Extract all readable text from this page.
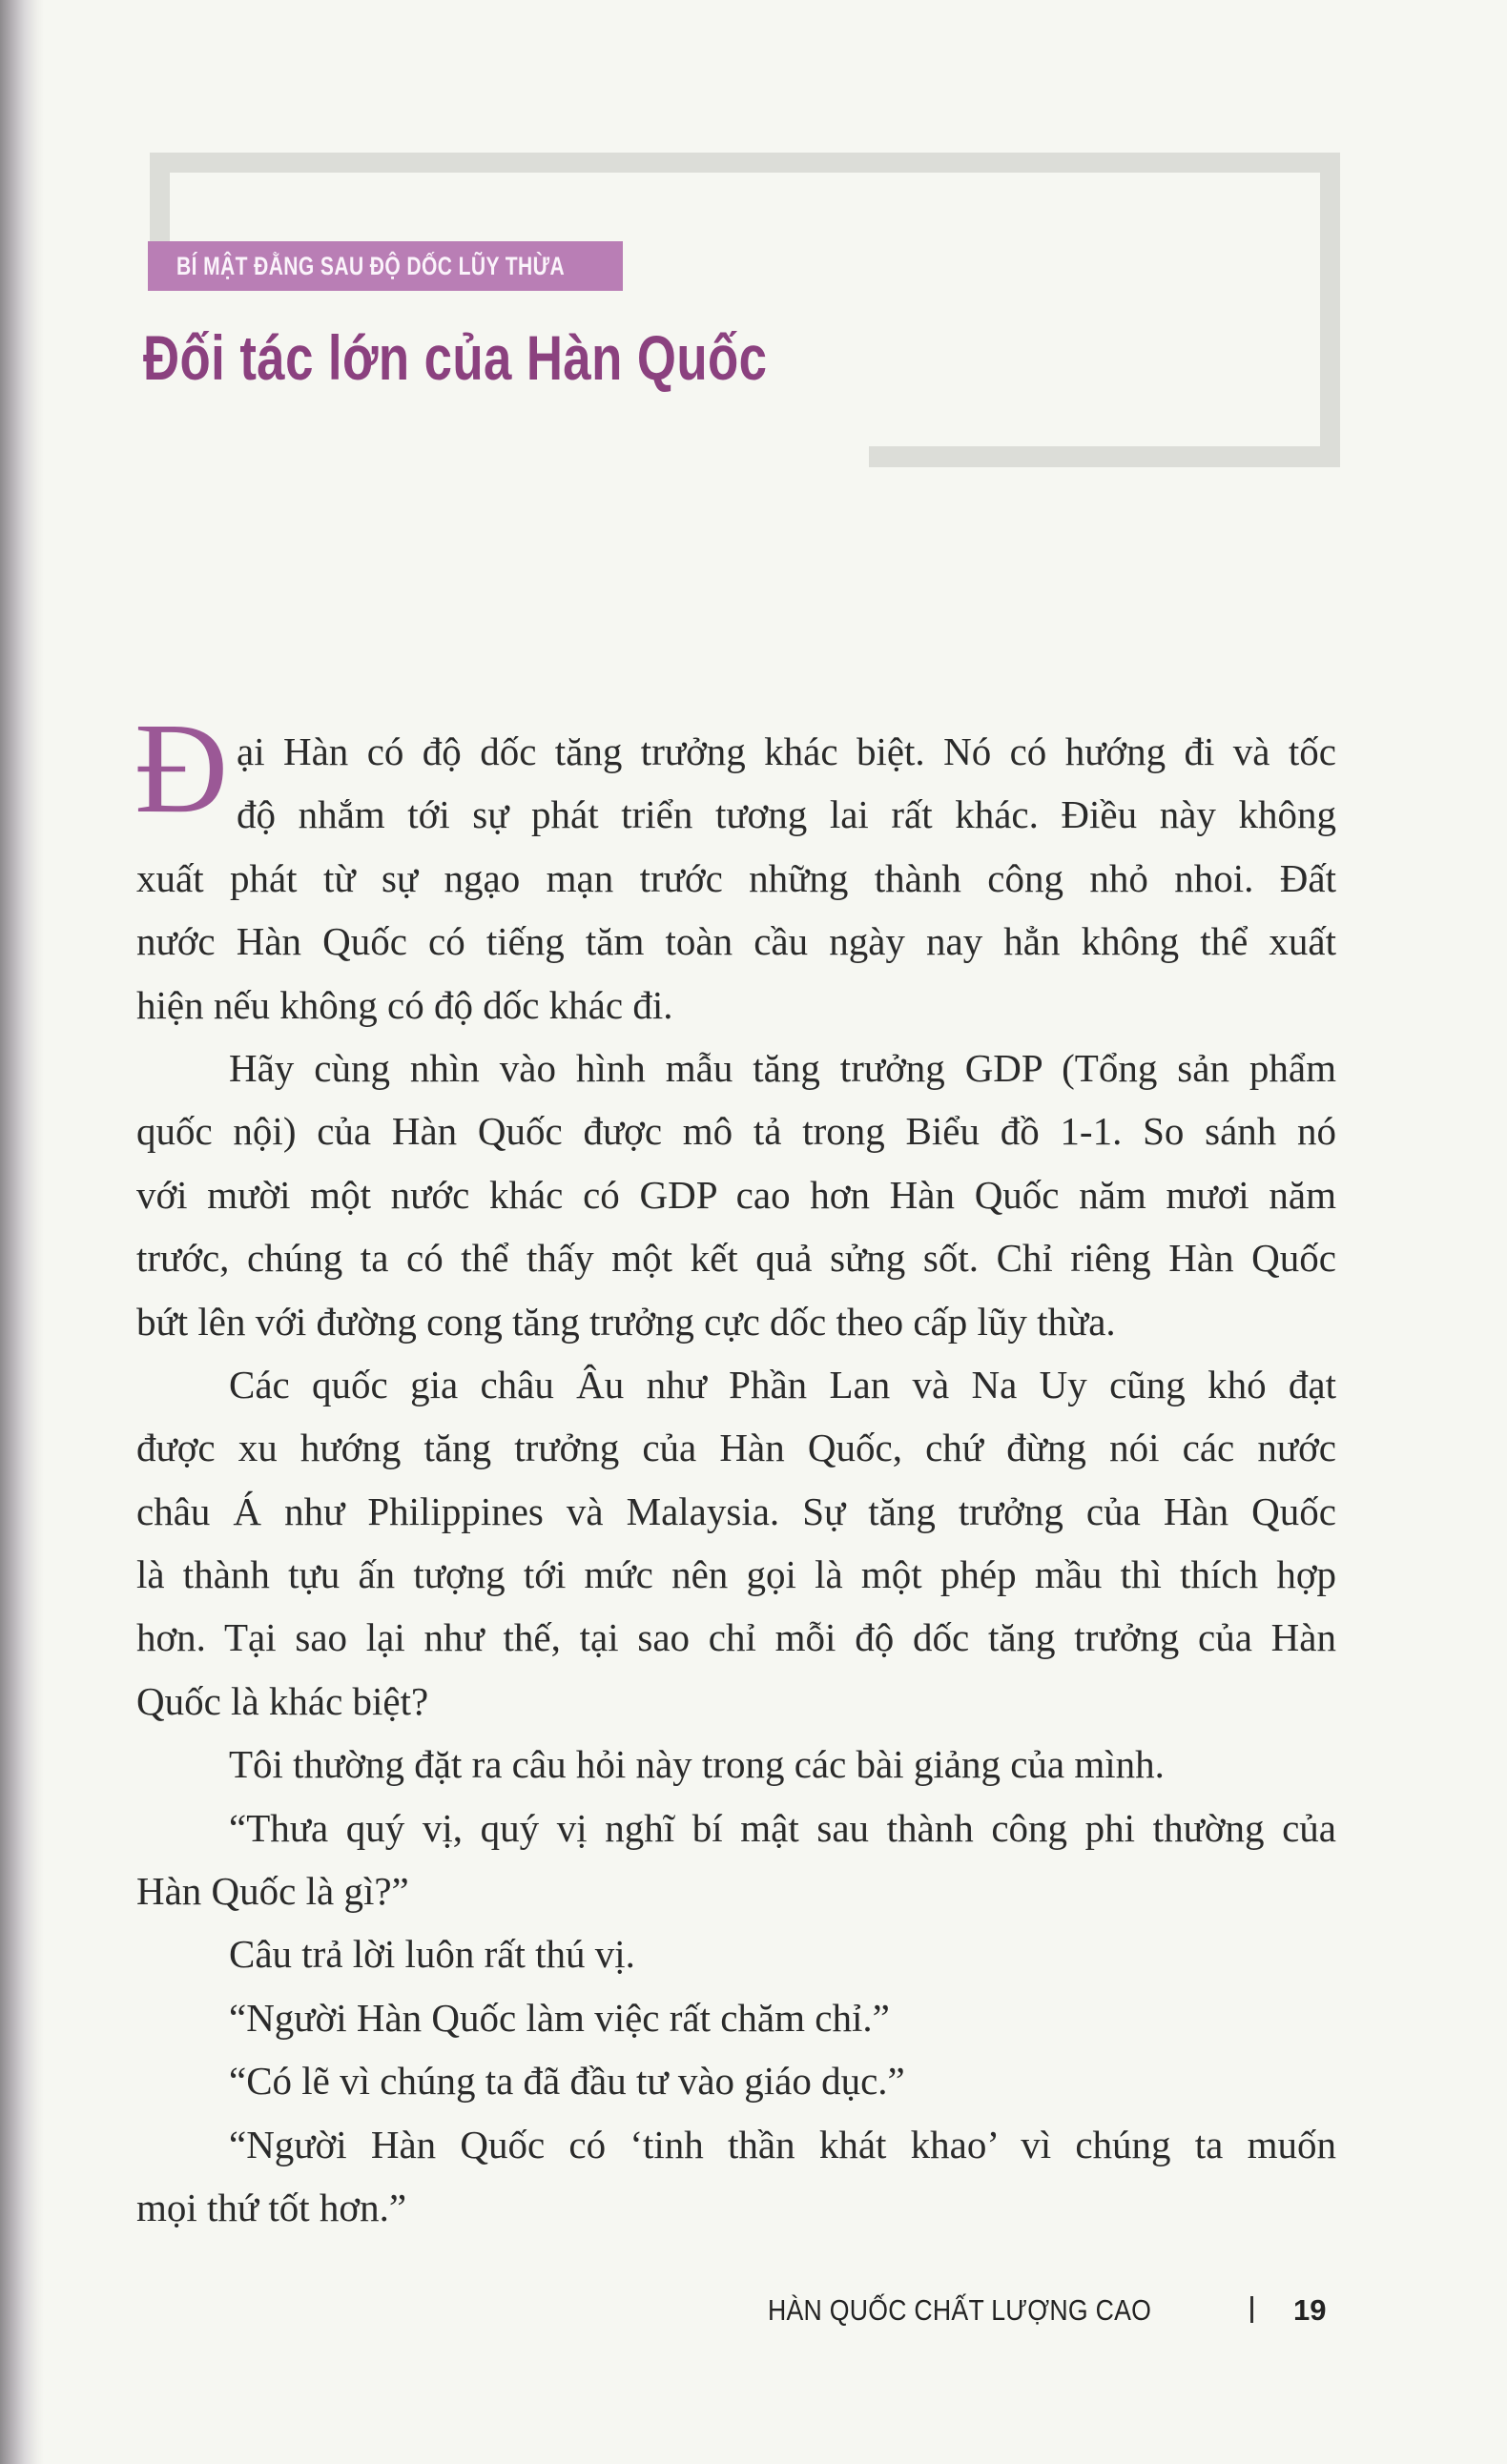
BÍ MẬT ĐẰNG SAU ĐỘ DỐC LŨY THỪA
Đối tác lớn của Hàn Quốc
Đ ại Hàn có độ dốc tăng trưởng khác biệt. Nó có hướng đi và tốc
độ nhắm tới sự phát triển tương lai rất khác. Điều này không
xuất phát từ sự ngạo mạn trước những thành công nhỏ nhoi. Đất
nước Hàn Quốc có tiếng tăm toàn cầu ngày nay hẳn không thể xuất
hiện nếu không có độ dốc khác đi.
Hãy cùng nhìn vào hình mẫu tăng trưởng GDP (Tổng sản phẩm
quốc nội) của Hàn Quốc được mô tả trong Biểu đồ 1-1. So sánh nó
với mười một nước khác có GDP cao hơn Hàn Quốc năm mươi năm
trước, chúng ta có thể thấy một kết quả sửng sốt. Chỉ riêng Hàn Quốc
bứt lên với đường cong tăng trưởng cực dốc theo cấp lũy thừa.
Các quốc gia châu Âu như Phần Lan và Na Uy cũng khó đạt
được xu hướng tăng trưởng của Hàn Quốc, chứ đừng nói các nước
châu Á như Philippines và Malaysia. Sự tăng trưởng của Hàn Quốc
là thành tựu ấn tượng tới mức nên gọi là một phép mầu thì thích hợp
hơn. Tại sao lại như thế, tại sao chỉ mỗi độ dốc tăng trưởng của Hàn
Quốc là khác biệt?
Tôi thường đặt ra câu hỏi này trong các bài giảng của mình.
“Thưa quý vị, quý vị nghĩ bí mật sau thành công phi thường của
Hàn Quốc là gì?”
Câu trả lời luôn rất thú vị.
“Người Hàn Quốc làm việc rất chăm chỉ.”
“Có lẽ vì chúng ta đã đầu tư vào giáo dục.”
“Người Hàn Quốc có ‘tinh thần khát khao’ vì chúng ta muốn
mọi thứ tốt hơn.”
HÀN QUỐC CHẤT LƯỢNG CAO	19
